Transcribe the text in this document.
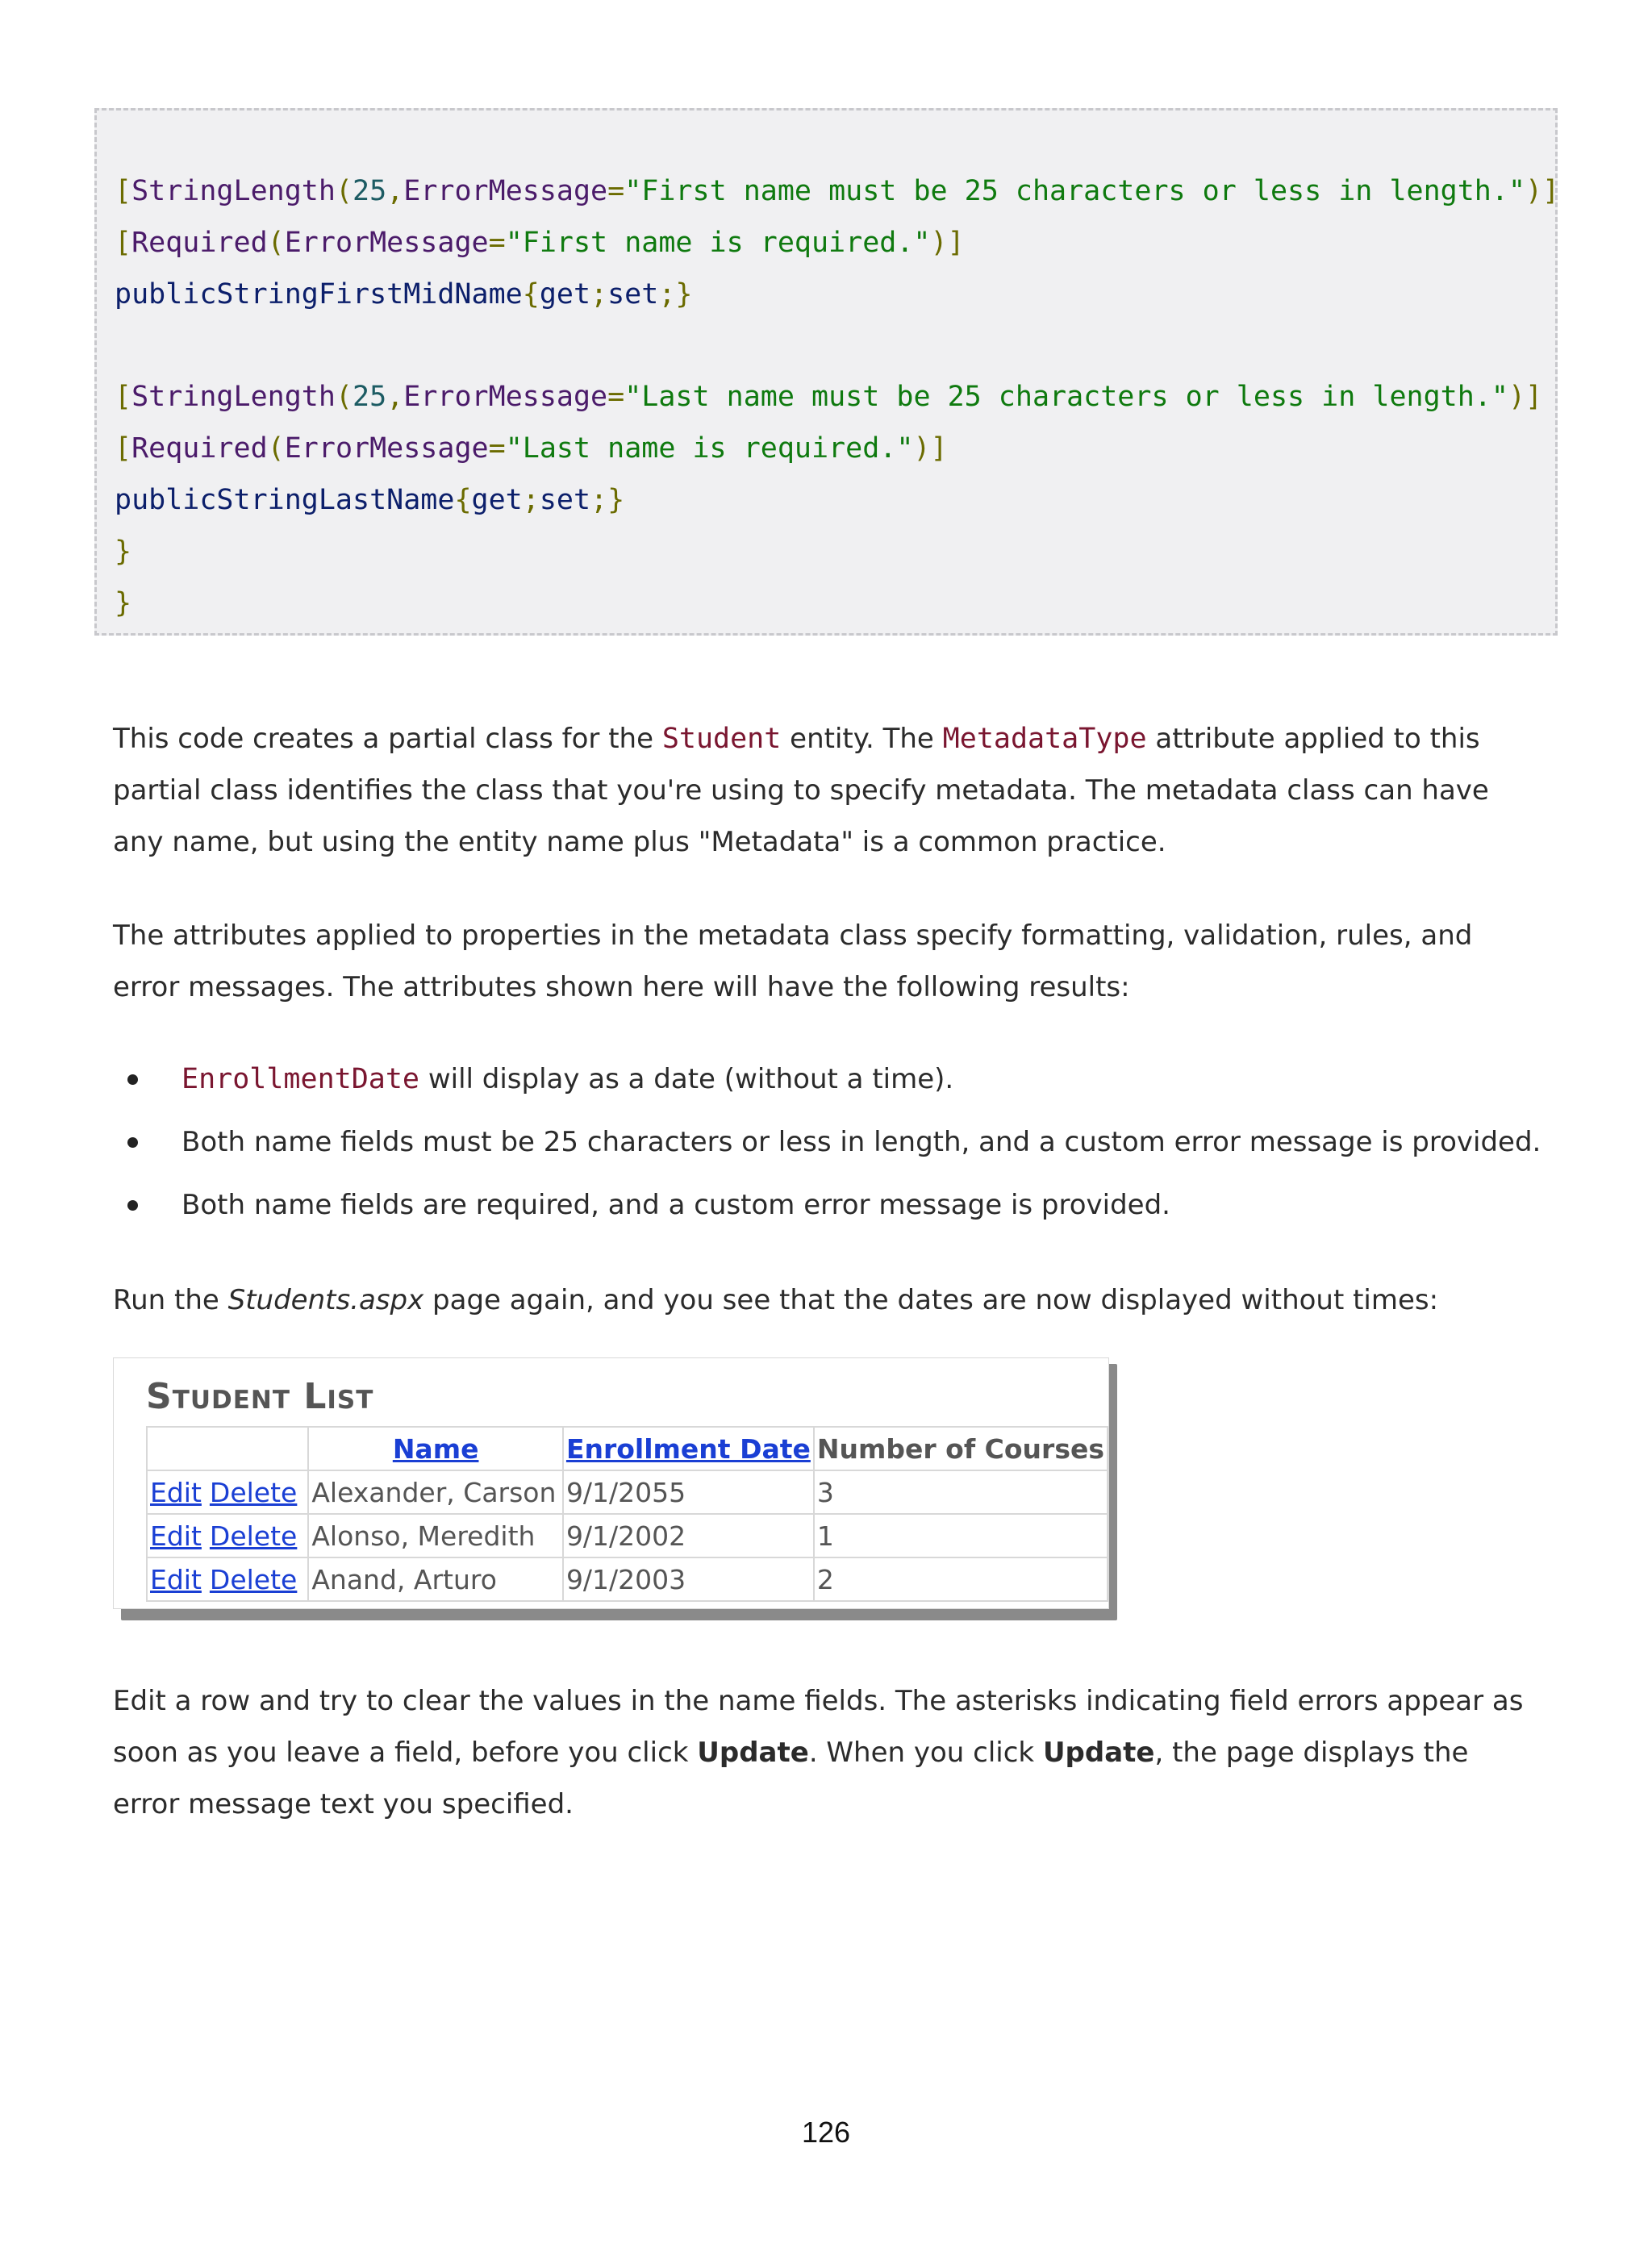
[StringLength(25,ErrorMessage="First name must be 25 characters or less in length.")]
[Required(ErrorMessage="First name is required.")]
publicStringFirstMidName{get;set;}
[StringLength(25,ErrorMessage="Last name must be 25 characters or less in length.")]
[Required(ErrorMessage="Last name is required.")]
publicStringLastName{get;set;}
}
}

This code creates a partial class for the Student entity. The MetadataType attribute applied to this partial class identifies the class that you're using to specify metadata. The metadata class can have any name, but using the entity name plus "Metadata" is a common practice.

The attributes applied to properties in the metadata class specify formatting, validation, rules, and error messages. The attributes shown here will have the following results:

EnrollmentDate will display as a date (without a time).
Both name fields must be 25 characters or less in length, and a custom error message is provided.
Both name fields are required, and a custom error message is provided.

Run the Students.aspx page again, and you see that the dates are now displayed without times:

Student List
	Name	Enrollment Date	Number of Courses
Edit Delete	Alexander, Carson	9/1/2055	3
Edit Delete	Alonso, Meredith	9/1/2002	1
Edit Delete	Anand, Arturo	9/1/2003	2

Edit a row and try to clear the values in the name fields. The asterisks indicating field errors appear as soon as you leave a field, before you click Update. When you click Update, the page displays the error message text you specified.

126
